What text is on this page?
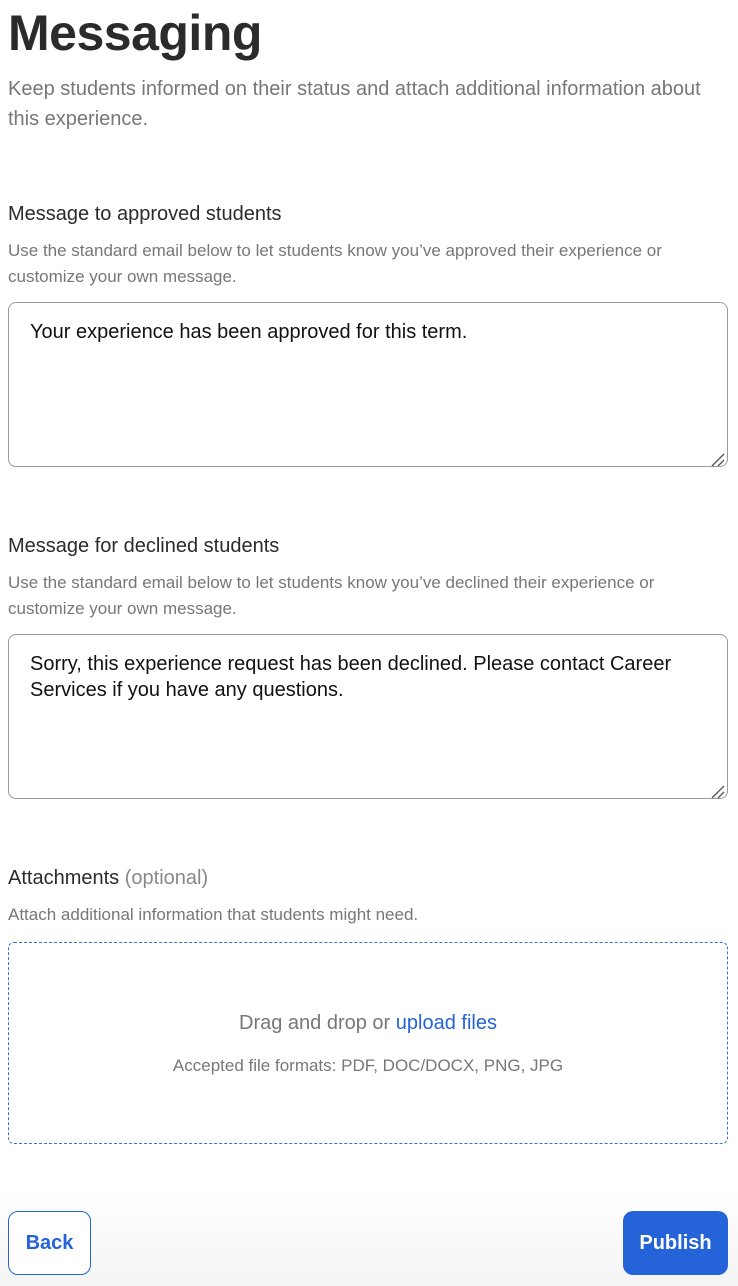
Messaging

Keep students informed on their status and attach additional information about this experience.

Message to approved students

Use the standard email below to let students know you’ve approved their experience or customize your own message.

Your experience has been approved for this term.
Message for declined students

Use the standard email below to let students know you’ve declined their experience or customize your own message.

Sorry, this experience request has been declined. Please contact Career Services if you have any questions.
Attachments (optional)

Attach additional information that students might need.

Drag and drop or upload files
Accepted file formats: PDF, DOC/DOCX, PNG, JPG
Back	Publish
